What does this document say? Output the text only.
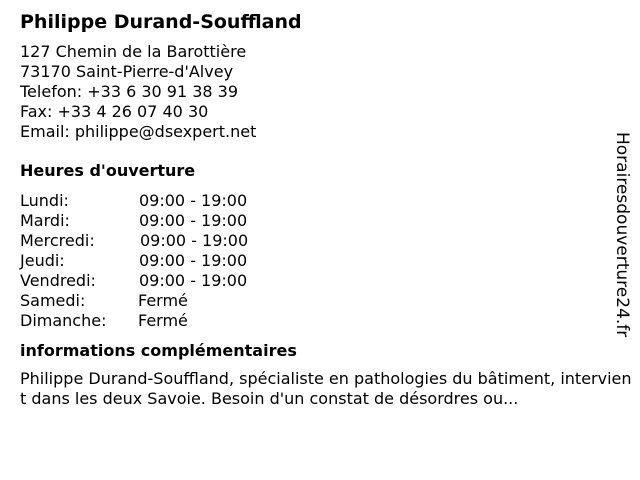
Philippe Durand-Souffland
127 Chemin de la Barottière
73170 Saint-Pierre-d'Alvey
Telefon: +33 6 30 91 38 39
Fax: +33 4 26 07 40 30
Email: philippe@dsexpert.net
Heures d'ouverture
Lundi:	09:00 - 19:00
Mardi:	09:00 - 19:00
Mercredi:	09:00 - 19:00
Jeudi:	09:00 - 19:00
Vendredi:	09:00 - 19:00
Samedi:	Fermé
Dimanche:	Fermé
informations complémentaires
Philippe Durand-Souffland, spécialiste en pathologies du bâtiment, intervient dans les deux Savoie. Besoin d'un constat de désordres ou...
Horairesdouverture24.fr
